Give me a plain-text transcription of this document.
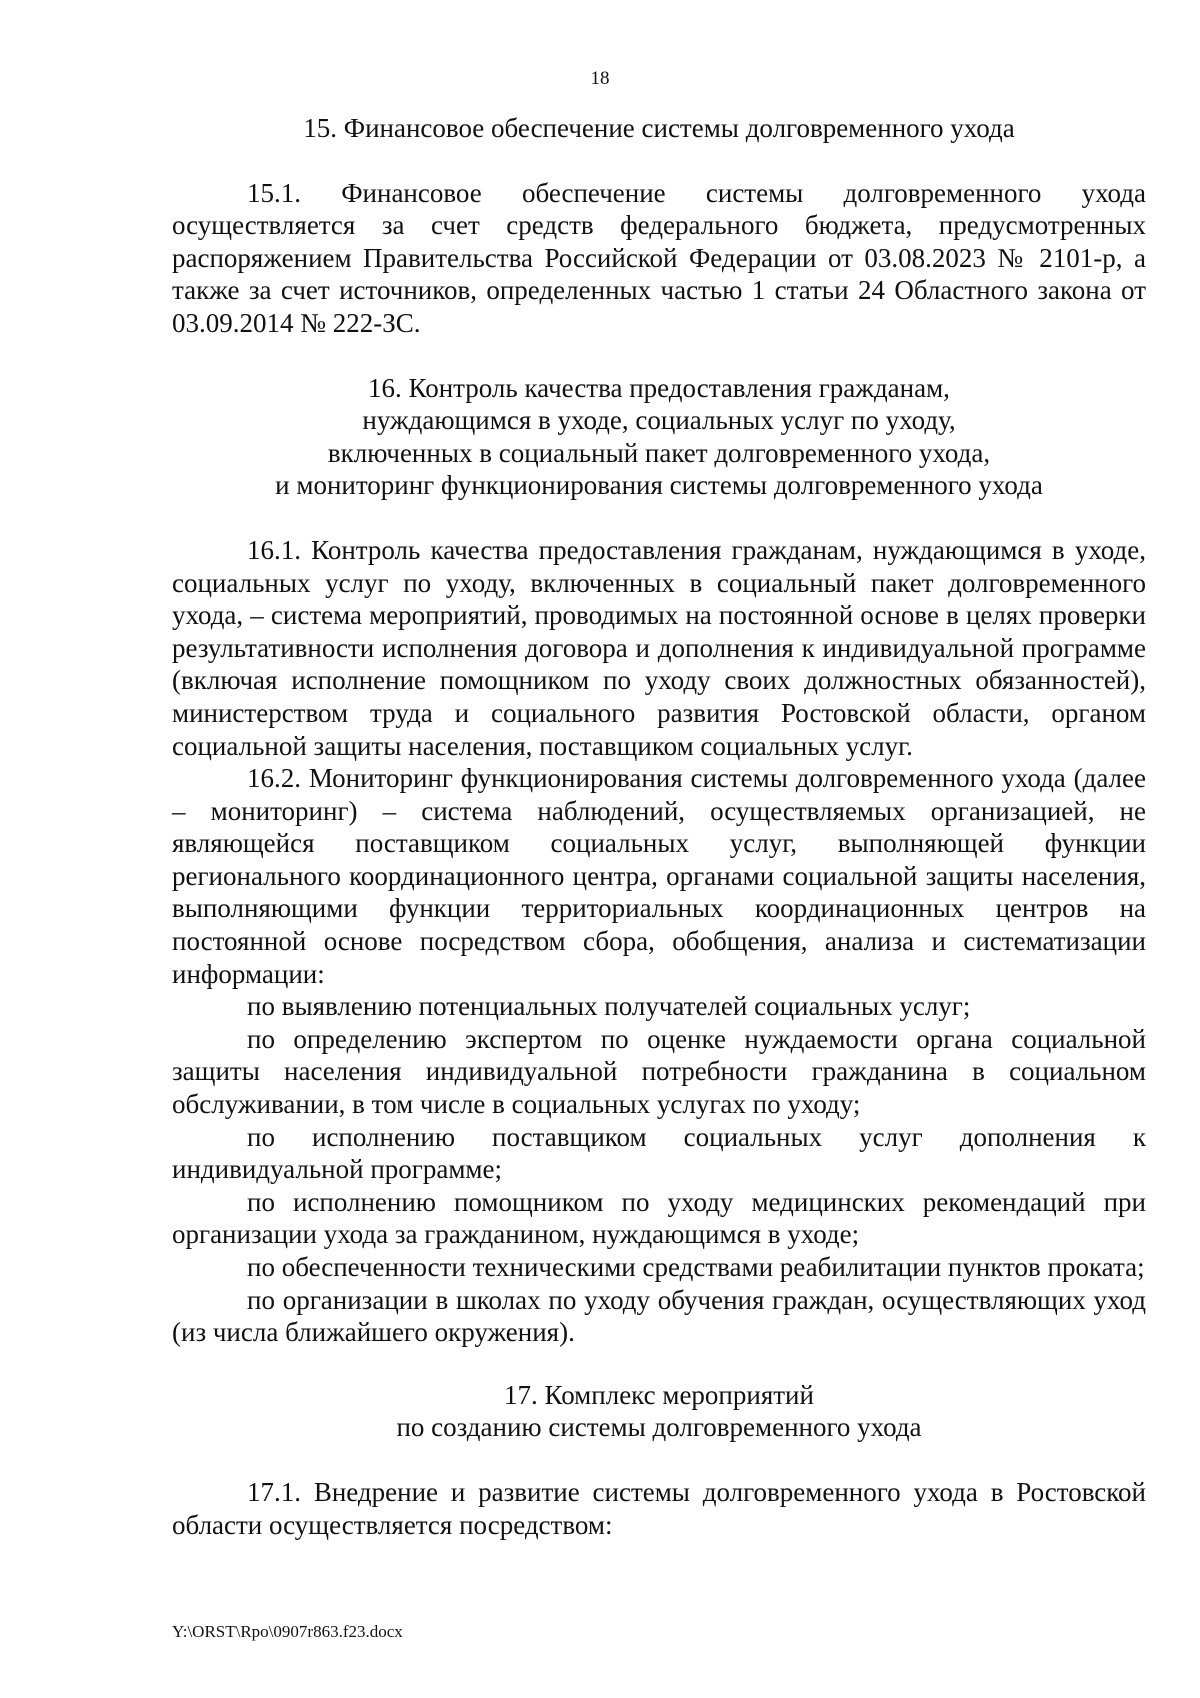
18
15. Финансовое обеспечение системы долговременного ухода

15.1. Финансовое обеспечение системы долговременного ухода осуществляется за счет средств федерального бюджета, предусмотренных распоряжением Правительства Российской Федерации от 03.08.2023 № 2101-р, а также за счет источников, определенных частью 1 статьи 24 Областного закона от 03.09.2014 № 222-ЗС.

16. Контроль качества предоставления гражданам,
нуждающимся в уходе, социальных услуг по уходу,
включенных в социальный пакет долговременного ухода,
и мониторинг функционирования системы долговременного ухода

16.1. Контроль качества предоставления гражданам, нуждающимся в уходе, социальных услуг по уходу, включенных в социальный пакет долговременного ухода, – система мероприятий, проводимых на постоянной основе в целях проверки результативности исполнения договора и дополнения к индивидуальной программе (включая исполнение помощником по уходу своих должностных обязанностей), министерством труда и социального развития Ростовской области, органом социальной защиты населения, поставщиком социальных услуг.

16.2. Мониторинг функционирования системы долговременного ухода (далее – мониторинг) – система наблюдений, осуществляемых организацией, не являющейся поставщиком социальных услуг, выполняющей функции регионального координационного центра, органами социальной защиты населения, выполняющими функции территориальных координационных центров на постоянной основе посредством сбора, обобщения, анализа и систематизации информации:

по выявлению потенциальных получателей социальных услуг;

по определению экспертом по оценке нуждаемости органа социальной защиты населения индивидуальной потребности гражданина в социальном обслуживании, в том числе в социальных услугах по уходу;

по исполнению поставщиком социальных услуг дополнения к индивидуальной программе;

по исполнению помощником по уходу медицинских рекомендаций при организации ухода за гражданином, нуждающимся в уходе;

по обеспеченности техническими средствами реабилитации пунктов проката;

по организации в школах по уходу обучения граждан, осуществляющих уход (из числа ближайшего окружения).

17. Комплекс мероприятий
по созданию системы долговременного ухода

17.1. Внедрение и развитие системы долговременного ухода в Ростовской области осуществляется посредством:

Y:\ORST\Rpo\0907r863.f23.docx
